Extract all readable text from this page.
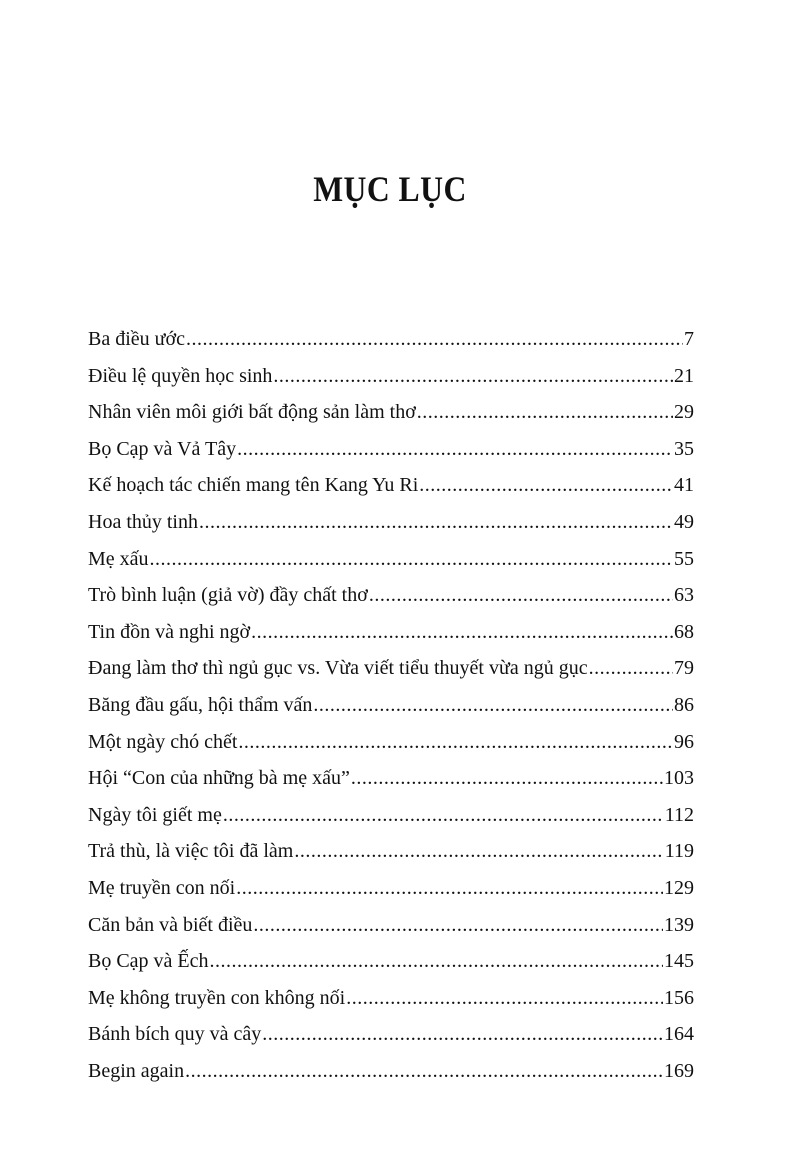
MỤC LỤC
Ba điều ước .....	7
Điều lệ quyền học sinh .....	21
Nhân viên môi giới bất động sản làm thơ .....	29
Bọ Cạp và Vả Tây .....	35
Kế hoạch tác chiến mang tên Kang Yu Ri .....	41
Hoa thủy tinh .....	49
Mẹ xấu .....	55
Trò bình luận (giả vờ) đầy chất thơ .....	63
Tin đồn và nghi ngờ .....	68
Đang làm thơ thì ngủ gục vs. Vừa viết tiểu thuyết vừa ngủ gục .....	79
Băng đầu gấu, hội thẩm vấn .....	86
Một ngày chó chết .....	96
Hội “Con của những bà mẹ xấu” .....	103
Ngày tôi giết mẹ .....	112
Trả thù, là việc tôi đã làm .....	119
Mẹ truyền con nối .....	129
Căn bản và biết điều .....	139
Bọ Cạp và Ếch .....	145
Mẹ không truyền con không nối .....	156
Bánh bích quy và cây .....	164
Begin again .....	169
